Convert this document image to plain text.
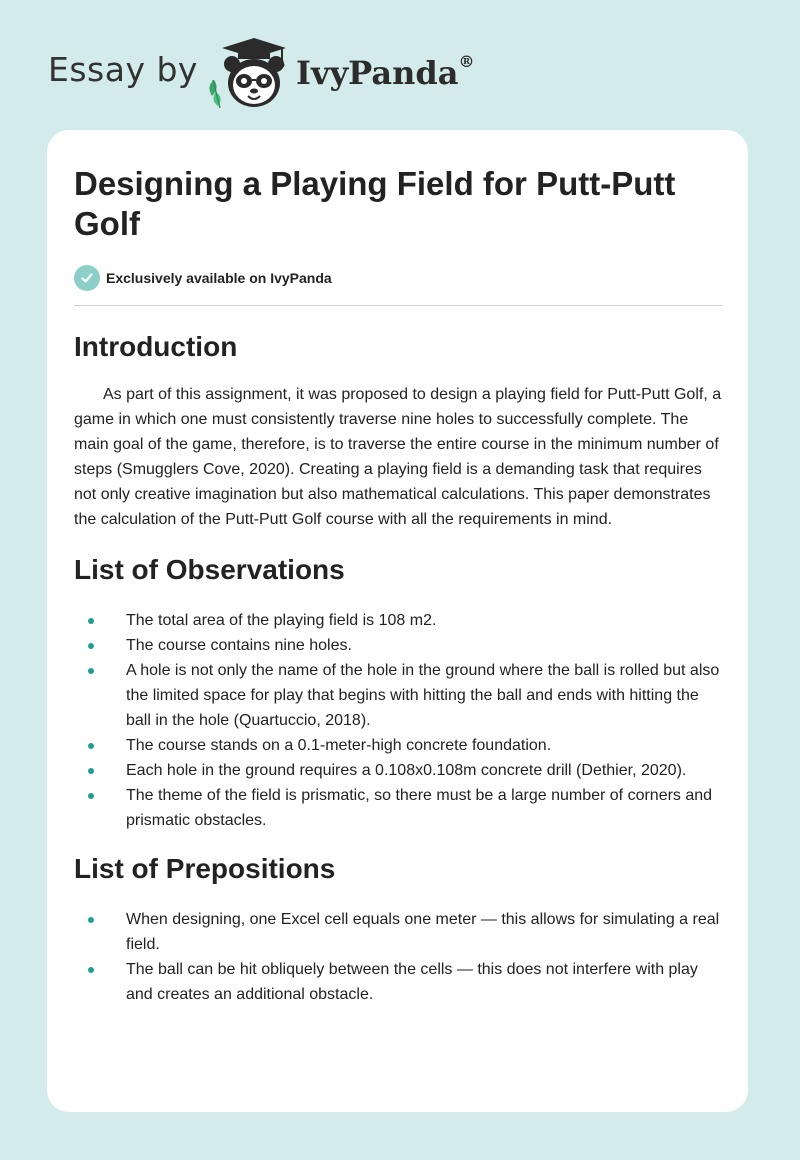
Essay by	IvyPanda®
Designing a Playing Field for Putt-Putt Golf
Exclusively available on IvyPanda
Introduction

As part of this assignment, it was proposed to design a playing field for Putt-Putt Golf, a game in which one must consistently traverse nine holes to successfully complete. The main goal of the game, therefore, is to traverse the entire course in the minimum number of steps (Smugglers Cove, 2020). Creating a playing field is a demanding task that requires not only creative imagination but also mathematical calculations. This paper demonstrates the calculation of the Putt-Putt Golf course with all the requirements in mind.

List of Observations
The total area of the playing field is 108 m2.
The course contains nine holes.
A hole is not only the name of the hole in the ground where the ball is rolled but also the limited space for play that begins with hitting the ball and ends with hitting the ball in the hole (Quartuccio, 2018).
The course stands on a 0.1-meter-high concrete foundation.
Each hole in the ground requires a 0.108x0.108m concrete drill (Dethier, 2020).
The theme of the field is prismatic, so there must be a large number of corners and prismatic obstacles.
List of Prepositions
When designing, one Excel cell equals one meter — this allows for simulating a real field.
The ball can be hit obliquely between the cells — this does not interfere with play and creates an additional obstacle.
